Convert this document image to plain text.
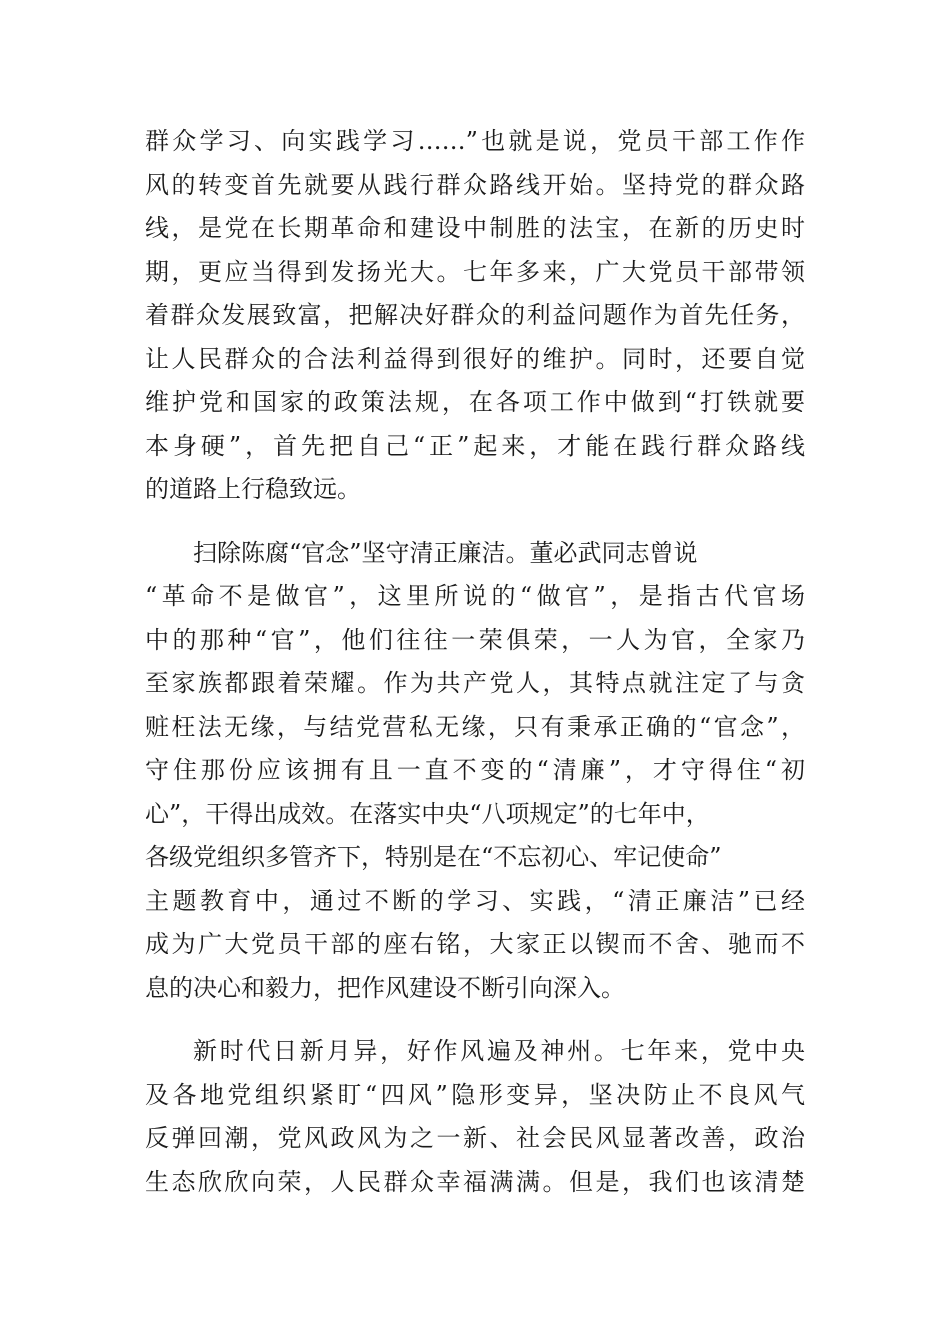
群众学习、向实践学习……”也就是说，党员干部工作作
风的转变首先就要从践行群众路线开始。坚持党的群众路
线，是党在长期革命和建设中制胜的法宝，在新的历史时
期，更应当得到发扬光大。七年多来，广大党员干部带领
着群众发展致富，把解决好群众的利益问题作为首先任务，
让人民群众的合法利益得到很好的维护。同时，还要自觉
维护党和国家的政策法规，在各项工作中做到“打铁就要
本身硬”，首先把自己“正”起来，才能在践行群众路线
的道路上行稳致远。
扫除陈腐“官念”坚守清正廉洁。董必武同志曾说
“革命不是做官”，这里所说的“做官”，是指古代官场
中的那种“官”，他们往往一荣俱荣，一人为官，全家乃
至家族都跟着荣耀。作为共产党人，其特点就注定了与贪
赃枉法无缘，与结党营私无缘，只有秉承正确的“官念”，
守住那份应该拥有且一直不变的“清廉”，才守得住“初
心”，干得出成效。在落实中央“八项规定”的七年中，
各级党组织多管齐下，特别是在“不忘初心、牢记使命”
主题教育中，通过不断的学习、实践，“清正廉洁”已经
成为广大党员干部的座右铭，大家正以锲而不舍、驰而不
息的决心和毅力，把作风建设不断引向深入。
新时代日新月异，好作风遍及神州。七年来，党中央
及各地党组织紧盯“四风”隐形变异，坚决防止不良风气
反弹回潮，党风政风为之一新、社会民风显著改善，政治
生态欣欣向荣，人民群众幸福满满。但是，我们也该清楚
